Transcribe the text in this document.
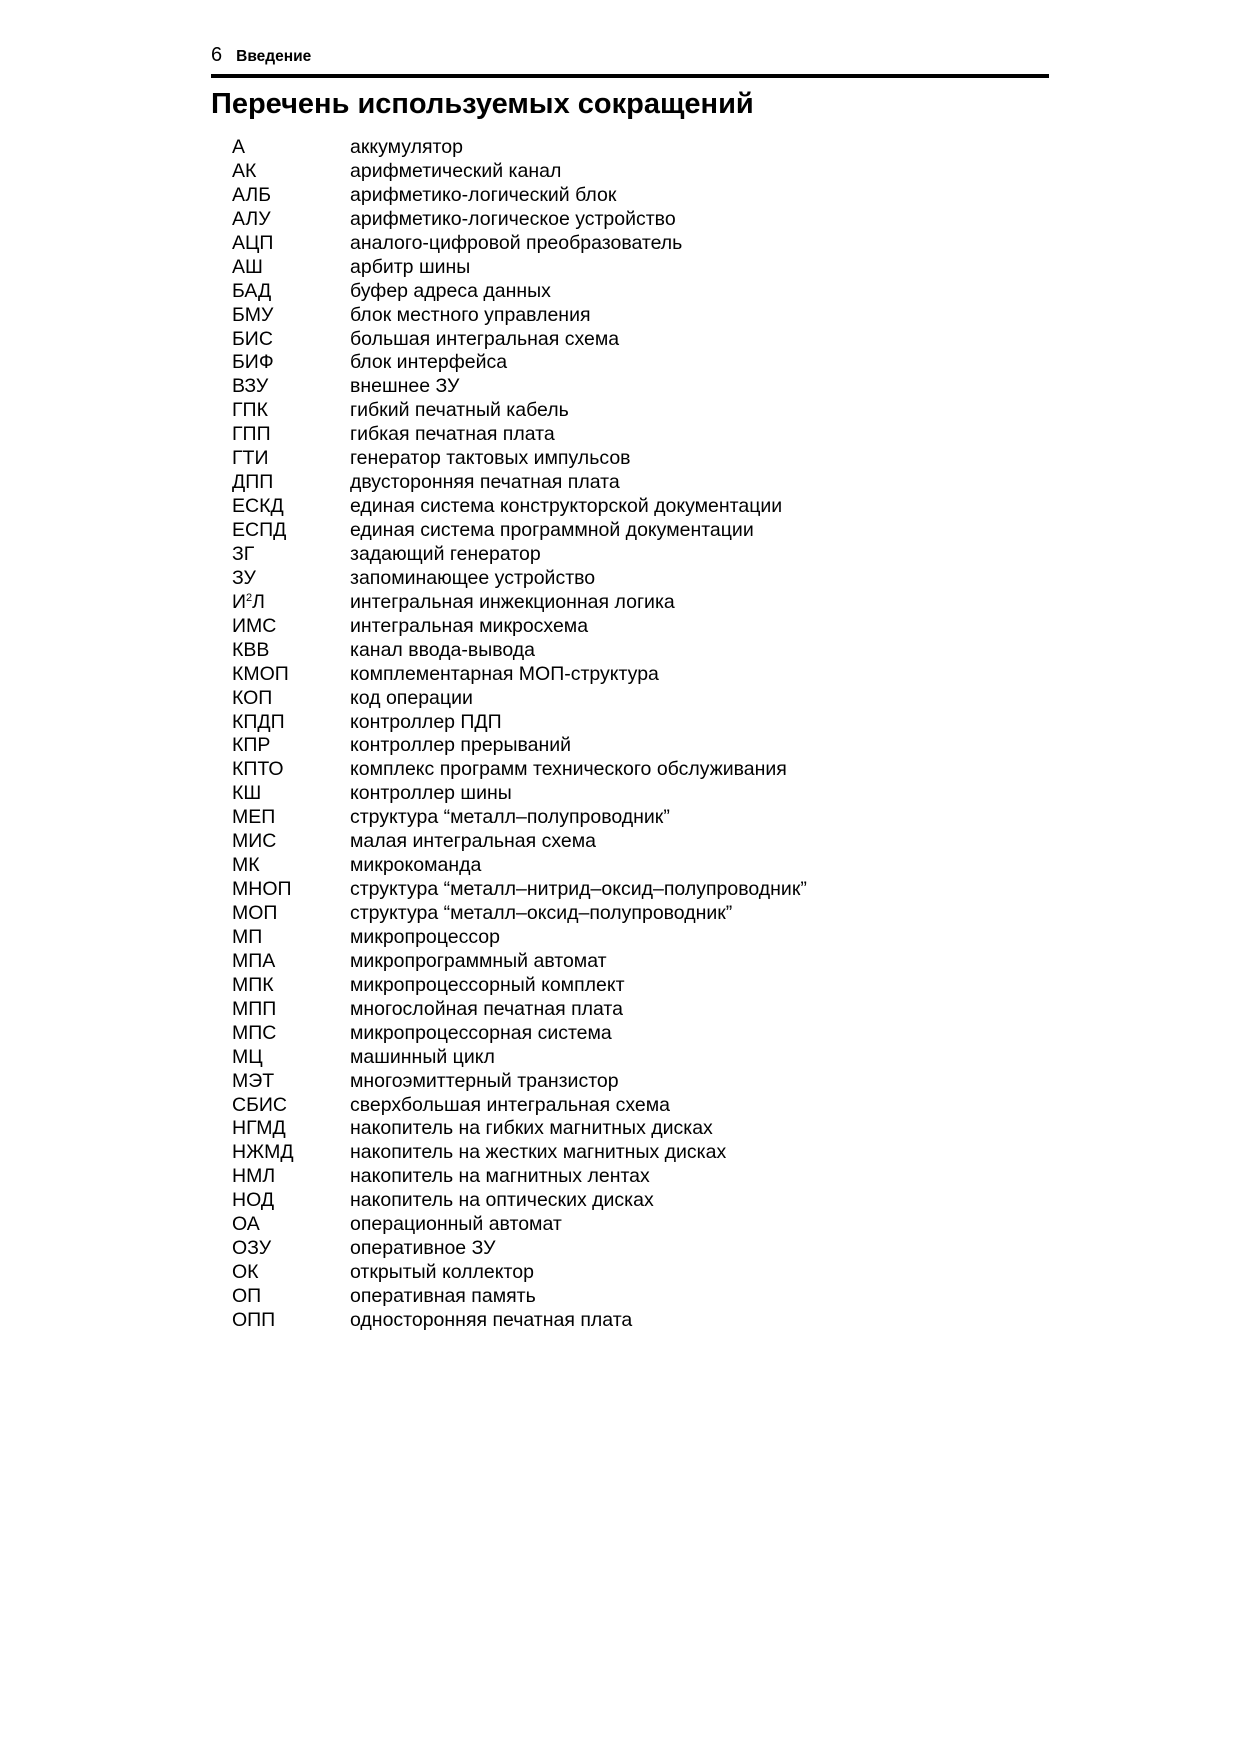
6 Введение
Перечень используемых сокращений
А	аккумулятор
АК	арифметический канал
АЛБ	арифметико-логический блок
АЛУ	арифметико-логическое устройство
АЦП	аналого-цифровой преобразователь
АШ	арбитр шины
БАД	буфер адреса данных
БМУ	блок местного управления
БИС	большая интегральная схема
БИФ	блок интерфейса
ВЗУ	внешнее ЗУ
ГПК	гибкий печатный кабель
ГПП	гибкая печатная плата
ГТИ	генератор тактовых импульсов
ДПП	двусторонняя печатная плата
ЕСКД	единая система конструкторской документации
ЕСПД	единая система программной документации
ЗГ	задающий генератор
ЗУ	запоминающее устройство
$И^2Л$	интегральная инжекционная логика
ИМС	интегральная микросхема
КВВ	канал ввода-вывода
КМОП	комплементарная МОП-структура
КОП	код операции
КПДП	контроллер ПДП
КПР	контроллер прерываний
КПТО	комплекс программ технического обслуживания
КШ	контроллер шины
МЕП	структура “металл–полупроводник”
МИС	малая интегральная схема
МК	микрокоманда
МНОП	структура “металл–нитрид–оксид–полупроводник”
МОП	структура “металл–оксид–полупроводник”
МП	микропроцессор
МПА	микропрограммный автомат
МПК	микропроцессорный комплект
МПП	многослойная печатная плата
МПС	микропроцессорная система
МЦ	машинный цикл
МЭТ	многоэмиттерный транзистор
СБИС	сверхбольшая интегральная схема
НГМД	накопитель на гибких магнитных дисках
НЖМД	накопитель на жестких магнитных дисках
НМЛ	накопитель на магнитных лентах
НОД	накопитель на оптических дисках
ОА	операционный автомат
ОЗУ	оперативное ЗУ
ОК	открытый коллектор
ОП	оперативная память
ОПП	односторонняя печатная плата
